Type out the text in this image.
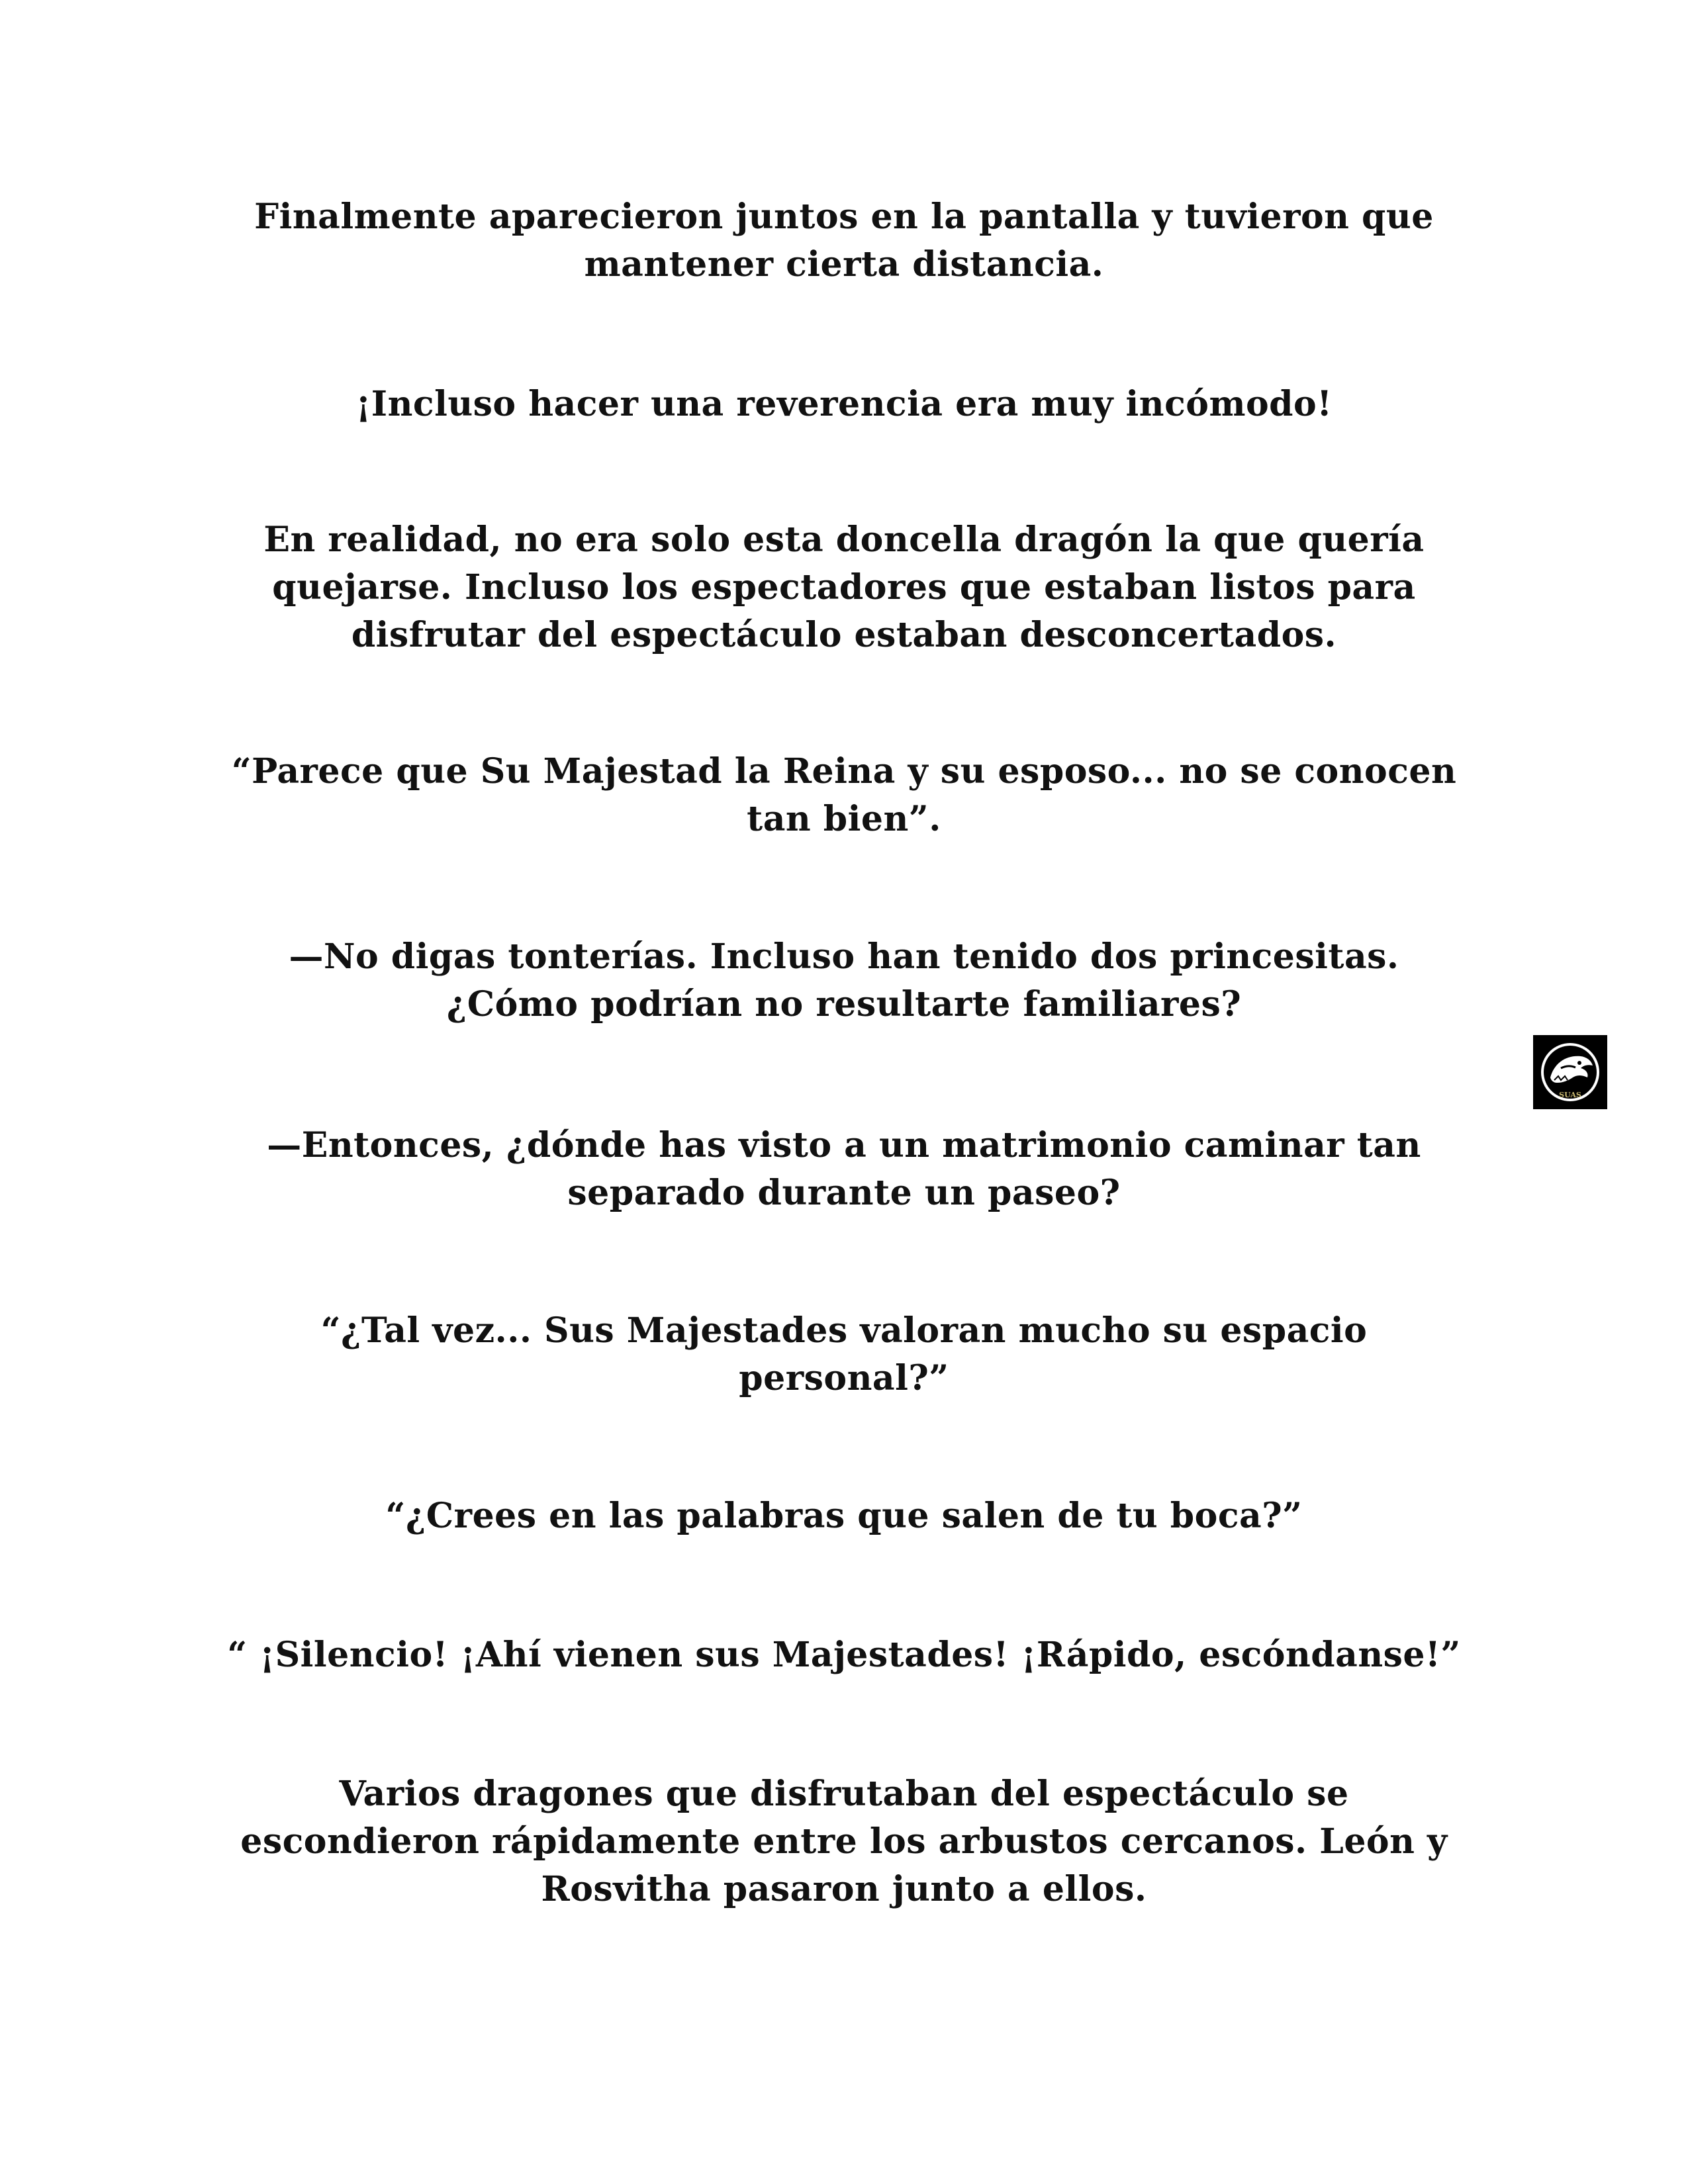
Finalmente aparecieron juntos en la pantalla y tuvieron que
mantener cierta distancia.

¡Incluso hacer una reverencia era muy incómodo!

En realidad, no era solo esta doncella dragón la que quería
quejarse. Incluso los espectadores que estaban listos para
disfrutar del espectáculo estaban desconcertados.

“Parece que Su Majestad la Reina y su esposo... no se conocen
tan bien”.

—No digas tonterías. Incluso han tenido dos princesitas.
¿Cómo podrían no resultarte familiares?

—Entonces, ¿dónde has visto a un matrimonio caminar tan
separado durante un paseo?

“¿Tal vez... Sus Majestades valoran mucho su espacio
personal?”

“¿Crees en las palabras que salen de tu boca?”

“ ¡Silencio! ¡Ahí vienen sus Majestades! ¡Rápido, escóndanse!”

Varios dragones que disfrutaban del espectáculo se
escondieron rápidamente entre los arbustos cercanos. León y
Rosvitha pasaron junto a ellos.

SUAS
